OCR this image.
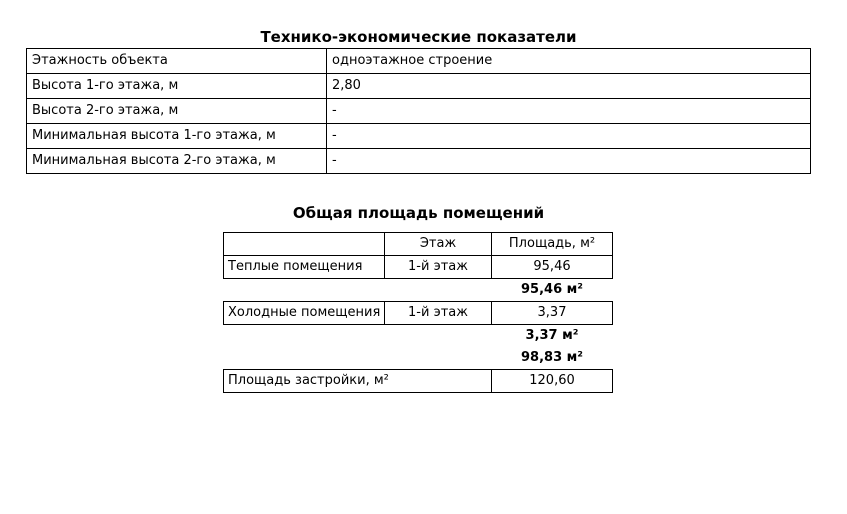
Технико-экономические показатели
Этажность объекта	одноэтажное строение
Высота 1-го этажа, м	2,80
Высота 2-го этажа, м	-
Минимальная высота 1-го этажа, м	-
Минимальная высота 2-го этажа, м	-
Общая площадь помещений
	Этаж	Площадь, м²
Теплые помещения	1-й этаж	95,46
		95,46 м²
Холодные помещения	1-й этаж	3,37
		3,37 м²
		98,83 м²
Площадь застройки, м²		120,60
